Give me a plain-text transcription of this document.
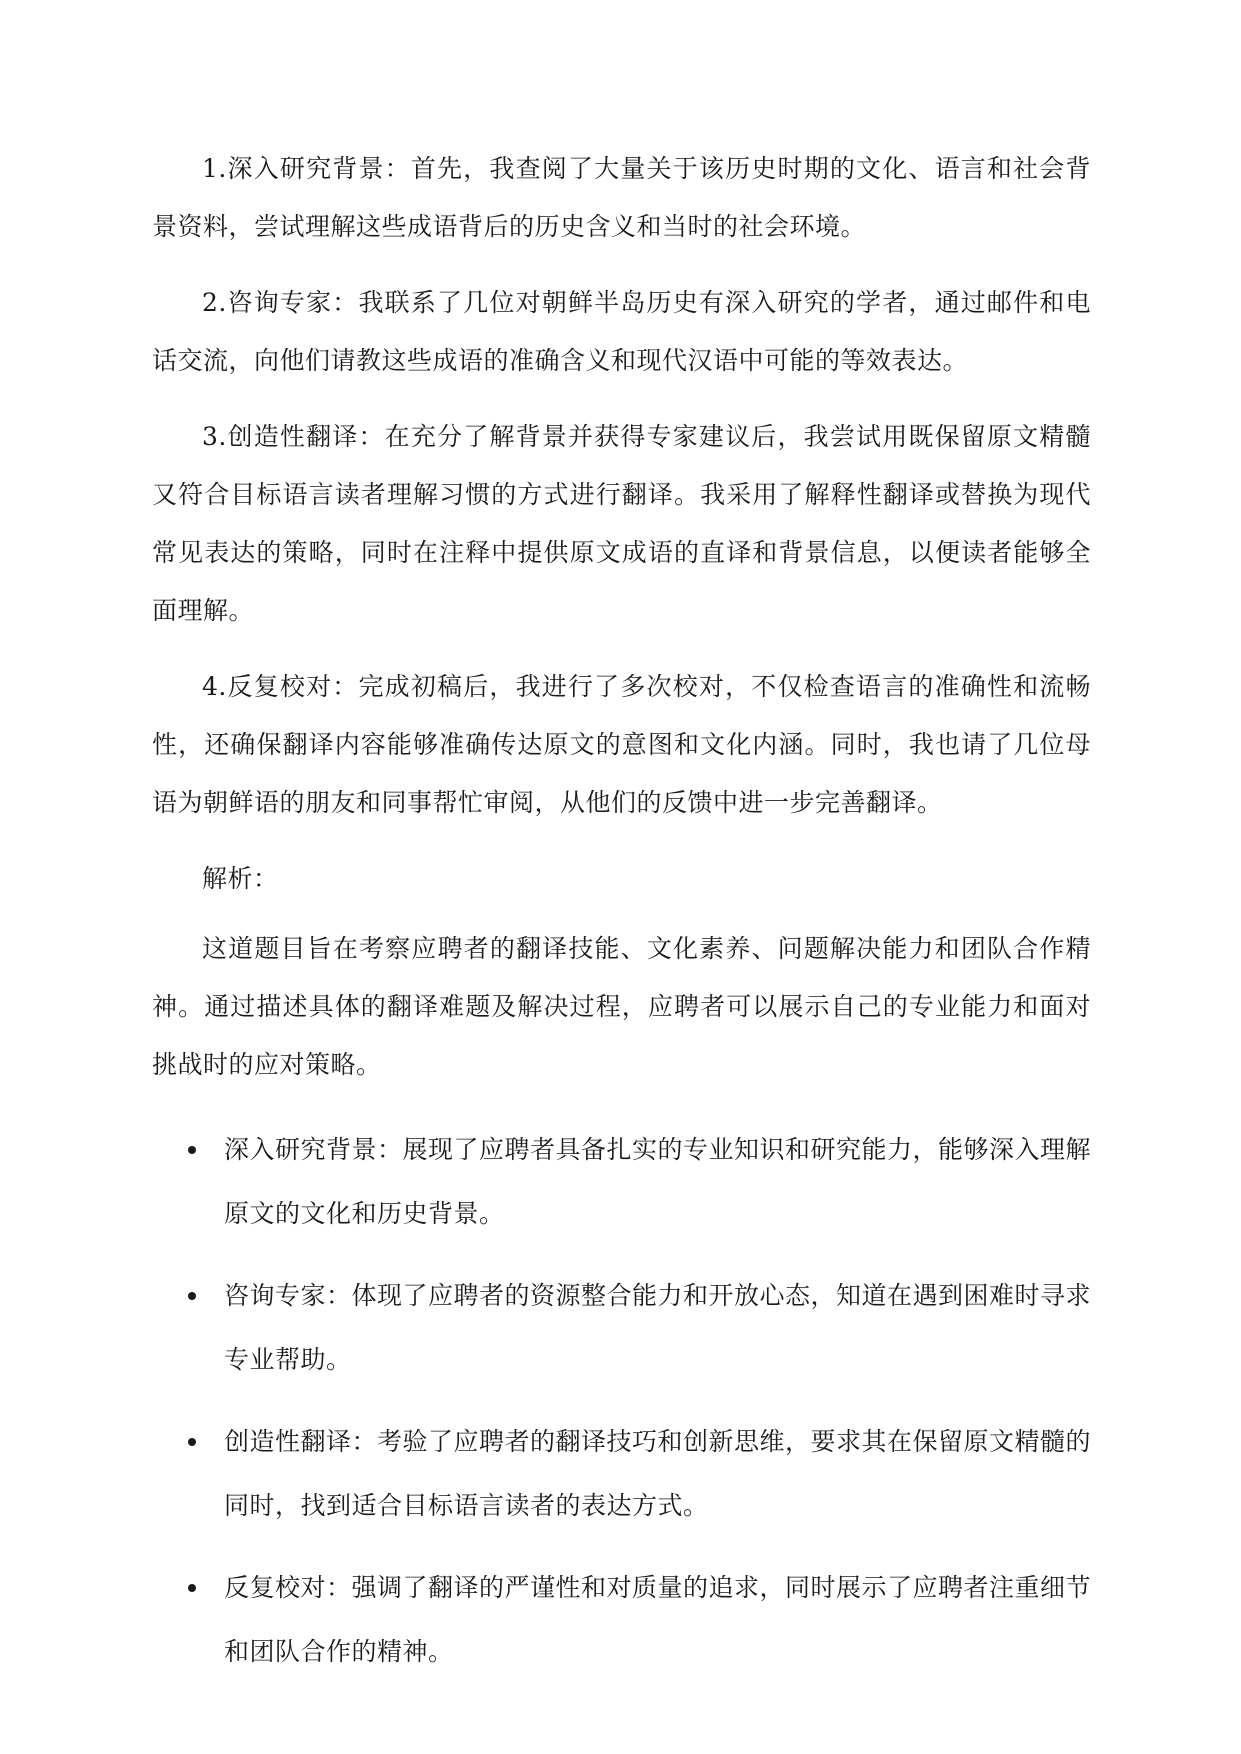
1.深入研究背景：首先，我查阅了大量关于该历史时期的文化、语言和社会背景资料，尝试理解这些成语背后的历史含义和当时的社会环境。

2.咨询专家：我联系了几位对朝鲜半岛历史有深入研究的学者，通过邮件和电话交流，向他们请教这些成语的准确含义和现代汉语中可能的等效表达。

3.创造性翻译：在充分了解背景并获得专家建议后，我尝试用既保留原文精髓又符合目标语言读者理解习惯的方式进行翻译。我采用了解释性翻译或替换为现代常见表达的策略，同时在注释中提供原文成语的直译和背景信息，以便读者能够全面理解。

4.反复校对：完成初稿后，我进行了多次校对，不仅检查语言的准确性和流畅性，还确保翻译内容能够准确传达原文的意图和文化内涵。同时，我也请了几位母语为朝鲜语的朋友和同事帮忙审阅，从他们的反馈中进一步完善翻译。

解析：

这道题目旨在考察应聘者的翻译技能、文化素养、问题解决能力和团队合作精神。通过描述具体的翻译难题及解决过程，应聘者可以展示自己的专业能力和面对挑战时的应对策略。

深入研究背景：展现了应聘者具备扎实的专业知识和研究能力，能够深入理解原文的文化和历史背景。
咨询专家：体现了应聘者的资源整合能力和开放心态，知道在遇到困难时寻求专业帮助。
创造性翻译：考验了应聘者的翻译技巧和创新思维，要求其在保留原文精髓的同时，找到适合目标语言读者的表达方式。
反复校对：强调了翻译的严谨性和对质量的追求，同时展示了应聘者注重细节和团队合作的精神。
